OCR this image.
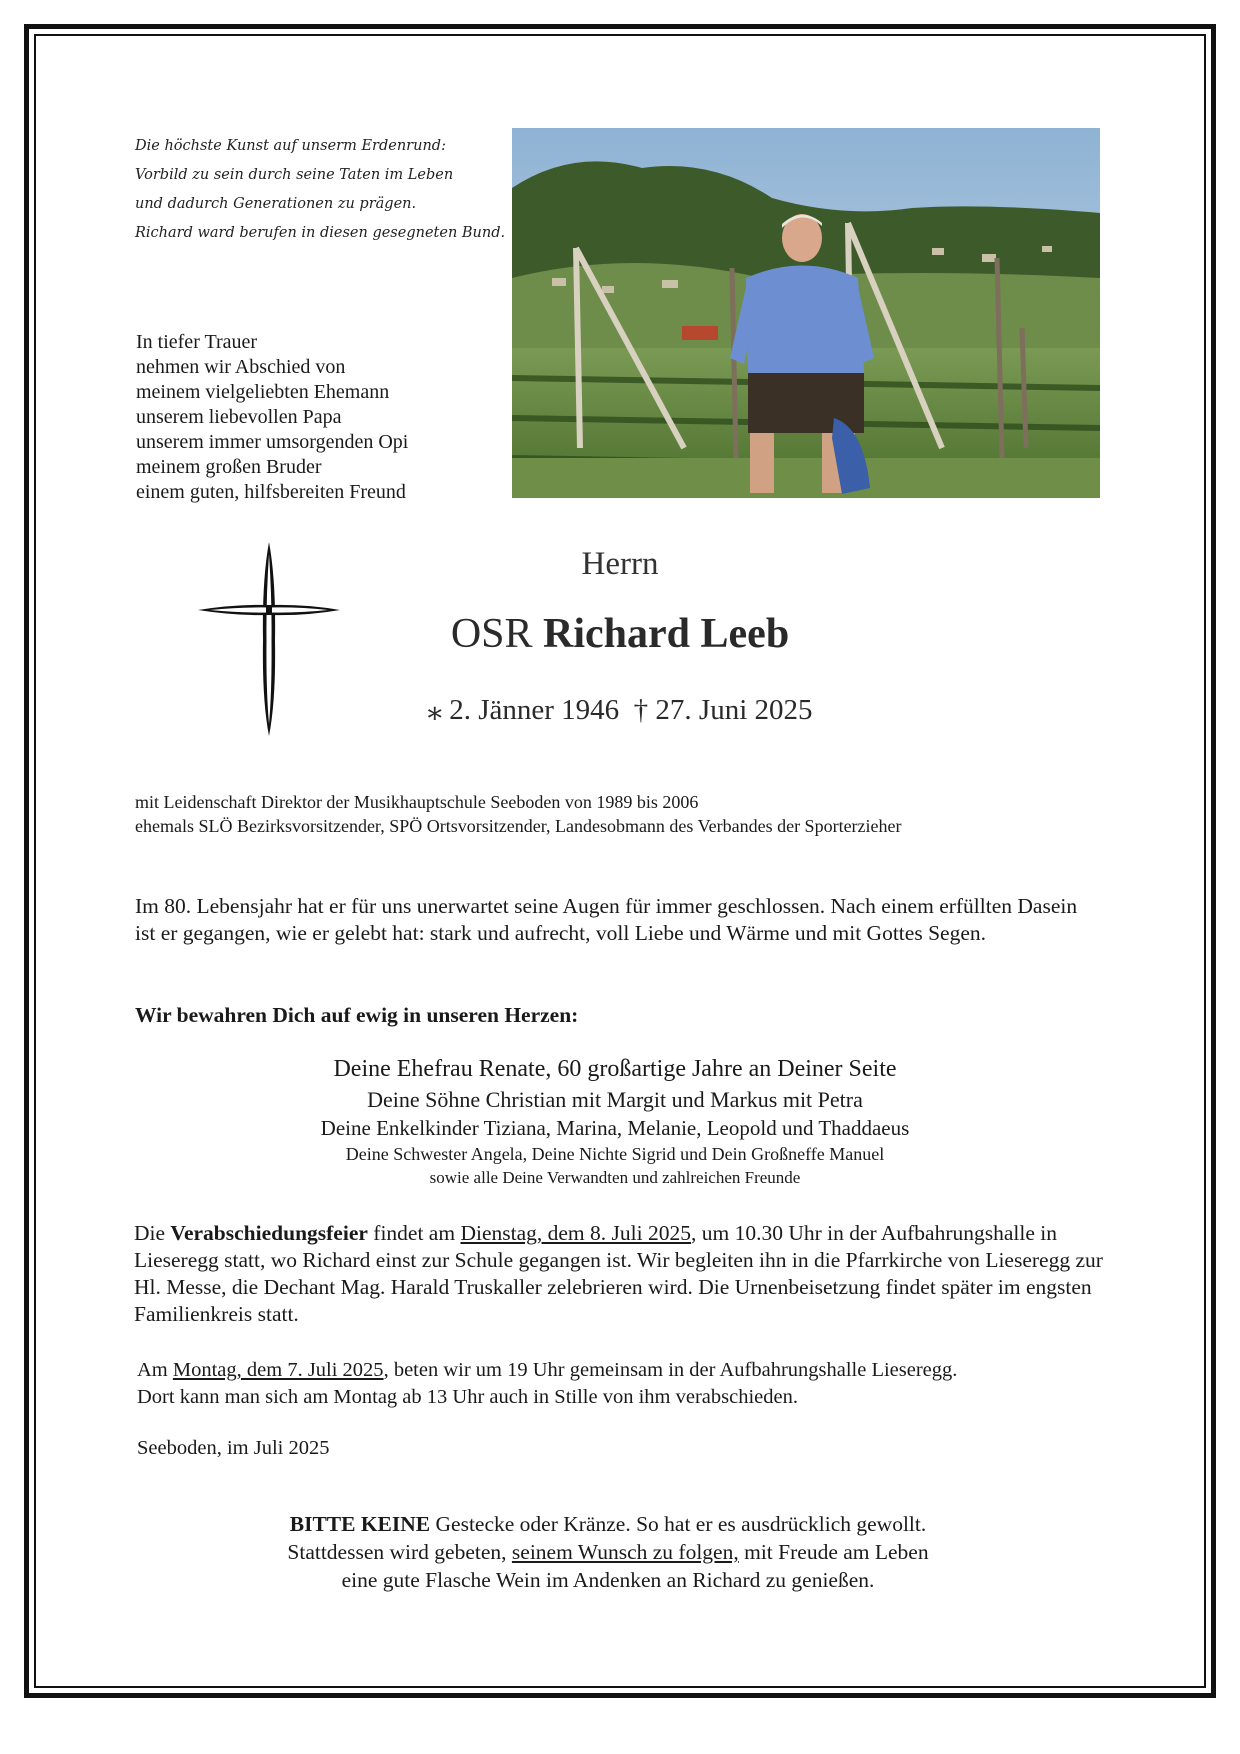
Die höchste Kunst auf unserm Erdenrund:
Vorbild zu sein durch seine Taten im Leben
und dadurch Generationen zu prägen.
Richard ward berufen in diesen gesegneten Bund.
In tiefer Trauer
nehmen wir Abschied von
meinem vielgeliebten Ehemann
unserem liebevollen Papa
unserem immer umsorgenden Opi
meinem großen Bruder
einem guten, hilfsbereiten Freund
Herrn
OSR Richard Leeb
⁎ 2. Jänner 1946 † 27. Juni 2025
mit Leidenschaft Direktor der Musikhauptschule Seeboden von 1989 bis 2006
ehemals SLÖ Bezirksvorsitzender, SPÖ Ortsvorsitzender, Landesobmann des Verbandes der Sporterzieher
Im 80. Lebensjahr hat er für uns unerwartet seine Augen für immer geschlossen. Nach einem erfüllten Dasein ist er gegangen, wie er gelebt hat: stark und aufrecht, voll Liebe und Wärme und mit Gottes Segen.
Wir bewahren Dich auf ewig in unseren Herzen:
Deine Ehefrau Renate, 60 großartige Jahre an Deiner Seite
Deine Söhne Christian mit Margit und Markus mit Petra
Deine Enkelkinder Tiziana, Marina, Melanie, Leopold und Thaddaeus
Deine Schwester Angela, Deine Nichte Sigrid und Dein Großneffe Manuel
sowie alle Deine Verwandten und zahlreichen Freunde
Die Verabschiedungsfeier findet am Dienstag, dem 8. Juli 2025, um 10.30 Uhr in der Aufbahrungshalle in Lieseregg statt, wo Richard einst zur Schule gegangen ist. Wir begleiten ihn in die Pfarrkirche von Lieseregg zur Hl. Messe, die Dechant Mag. Harald Truskaller zelebrieren wird. Die Urnenbeisetzung findet später im engsten Familienkreis statt.
Am Montag, dem 7. Juli 2025, beten wir um 19 Uhr gemeinsam in der Aufbahrungshalle Lieseregg.
Dort kann man sich am Montag ab 13 Uhr auch in Stille von ihm verabschieden.
Seeboden, im Juli 2025
BITTE KEINE Gestecke oder Kränze. So hat er es ausdrücklich gewollt.
Stattdessen wird gebeten, seinem Wunsch zu folgen, mit Freude am Leben
eine gute Flasche Wein im Andenken an Richard zu genießen.
